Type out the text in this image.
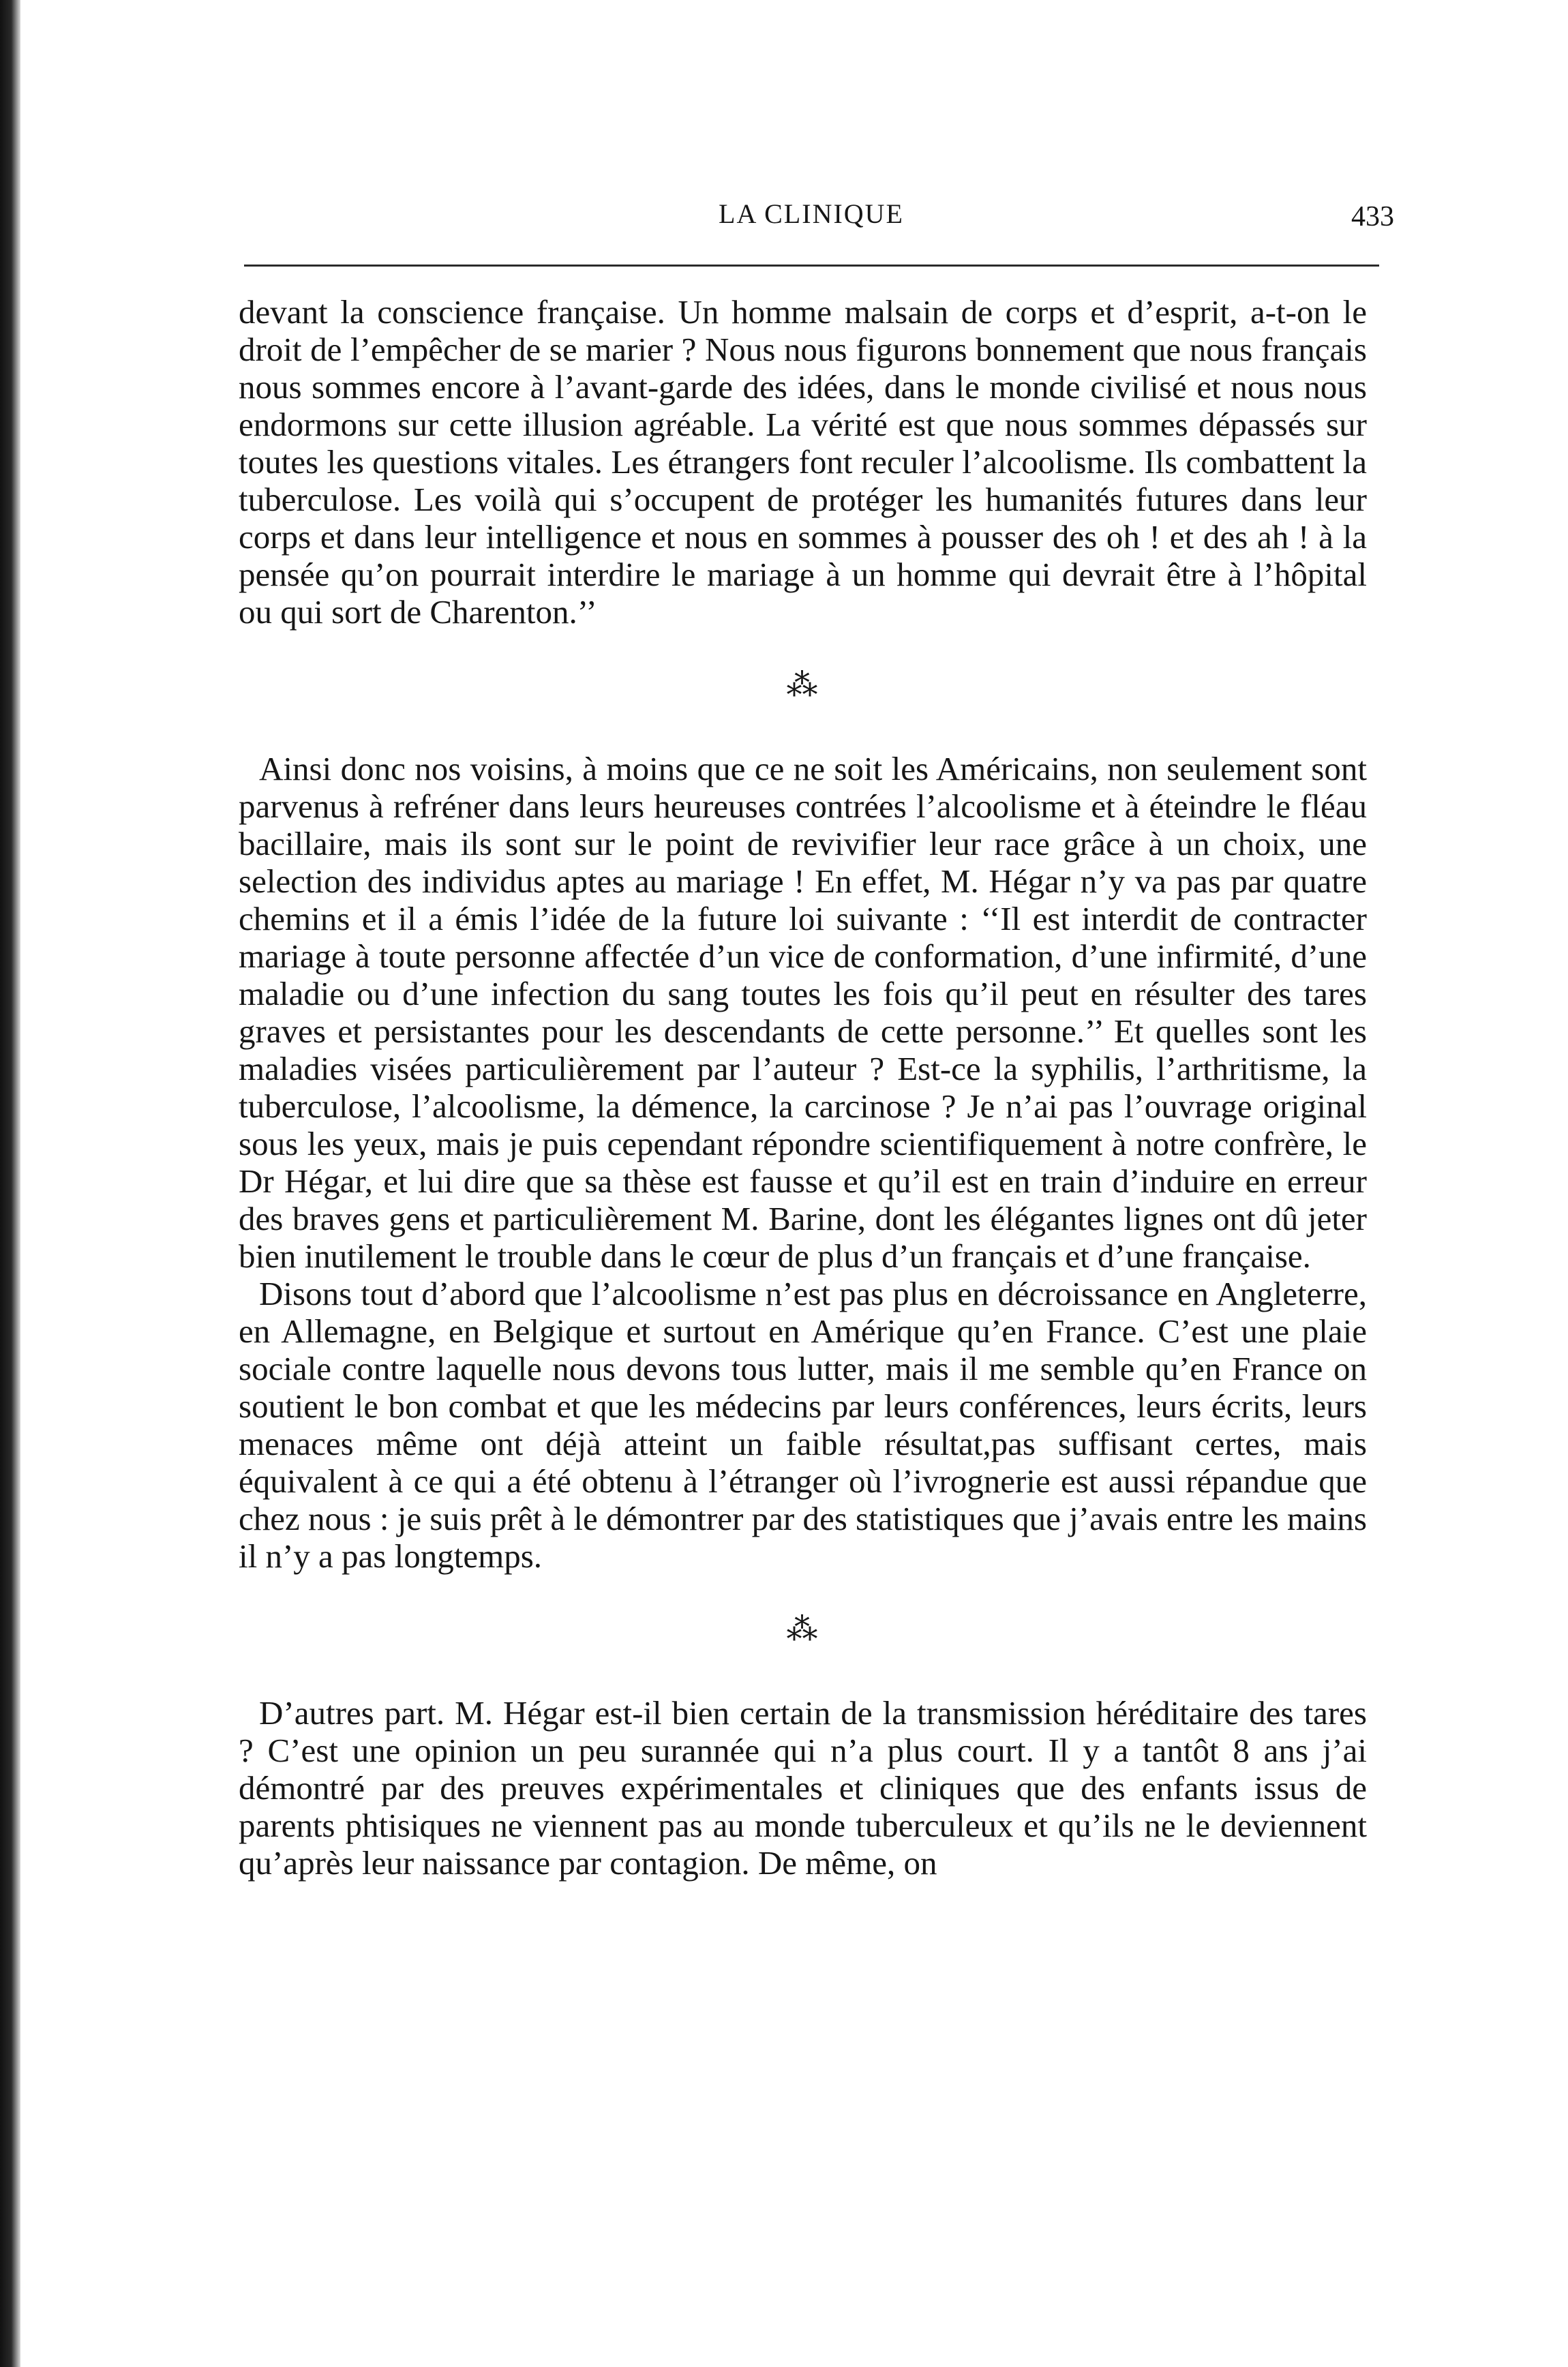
LA CLINIQUE	433

devant la conscience française. Un homme malsain de corps et d’esprit, a-t-on le droit de l’empêcher de se marier ? Nous nous figurons bonnement que nous français nous sommes encore à l’avant-garde des idées, dans le monde civilisé et nous nous endormons sur cette illusion agréable. La vérité est que nous sommes dépassés sur toutes les questions vitales. Les étrangers font reculer l’alcoolisme. Ils combattent la tuberculose. Les voilà qui s’occupent de protéger les humanités futures dans leur corps et dans leur intelligence et nous en sommes à pousser des oh ! et des ah ! à la pensée qu’on pourrait interdire le mariage à un homme qui devrait être à l’hôpital ou qui sort de Charenton.’’

⁂

Ainsi donc nos voisins, à moins que ce ne soit les Américains, non seulement sont parvenus à refréner dans leurs heureuses contrées l’alcoolisme et à éteindre le fléau bacillaire, mais ils sont sur le point de revivifier leur race grâce à un choix, une selection des individus aptes au mariage ! En effet, M. Hégar n’y va pas par quatre chemins et il a émis l’idée de la future loi suivante : ‘‘Il est interdit de contracter mariage à toute personne affectée d’un vice de conformation, d’une infirmité, d’une maladie ou d’une infection du sang toutes les fois qu’il peut en résulter des tares graves et persistantes pour les descendants de cette personne.’’ Et quelles sont les maladies visées particulièrement par l’auteur ? Est-ce la syphilis, l’arthritisme, la tuberculose, l’alcoolisme, la démence, la carcinose ? Je n’ai pas l’ouvrage original sous les yeux, mais je puis cependant répondre scientifiquement à notre confrère, le Dr Hégar, et lui dire que sa thèse est fausse et qu’il est en train d’induire en erreur des braves gens et particulièrement M. Barine, dont les élégantes lignes ont dû jeter bien inutilement le trouble dans le cœur de plus d’un français et d’une française.

Disons tout d’abord que l’alcoolisme n’est pas plus en décroissance en Angleterre, en Allemagne, en Belgique et surtout en Amérique qu’en France. C’est une plaie sociale contre laquelle nous devons tous lutter, mais il me semble qu’en France on soutient le bon combat et que les médecins par leurs conférences, leurs écrits, leurs menaces même ont déjà atteint un faible résultat,pas suffisant certes, mais équivalent à ce qui a été obtenu à l’étranger où l’ivrognerie est aussi répandue que chez nous : je suis prêt à le démontrer par des statistiques que j’avais entre les mains il n’y a pas longtemps.

⁂

D’autres part. M. Hégar est-il bien certain de la transmission héréditaire des tares ? C’est une opinion un peu surannée qui n’a plus court. Il y a tantôt 8 ans j’ai démontré par des preuves expérimentales et cliniques que des enfants issus de parents phtisiques ne viennent pas au monde tuberculeux et qu’ils ne le deviennent qu’après leur naissance par contagion. De même, on
